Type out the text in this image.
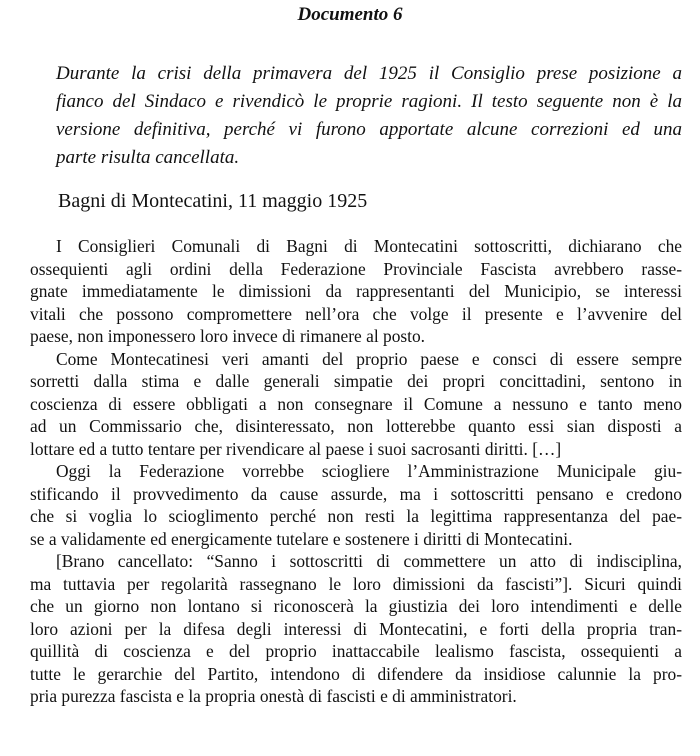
Documento 6
Durante la crisi della primavera del 1925 il Consiglio prese posizione a
fianco del Sindaco e rivendicò le proprie ragioni. Il testo seguente non è la
versione definitiva, perché vi furono apportate alcune correzioni ed una
parte risulta cancellata.
Bagni di Montecatini, 11 maggio 1925
I Consiglieri Comunali di Bagni di Montecatini sottoscritti, dichiarano che
ossequienti agli ordini della Federazione Provinciale Fascista avrebbero rasse-
gnate immediatamente le dimissioni da rappresentanti del Municipio, se interessi
vitali che possono compromettere nell’ora che volge il presente e l’avvenire del
paese, non imponessero loro invece di rimanere al posto.
Come Montecatinesi veri amanti del proprio paese e consci di essere sempre
sorretti dalla stima e dalle generali simpatie dei propri concittadini, sentono in
coscienza di essere obbligati a non consegnare il Comune a nessuno e tanto meno
ad un Commissario che, disinteressato, non lotterebbe quanto essi sian disposti a
lottare ed a tutto tentare per rivendicare al paese i suoi sacrosanti diritti. […]
Oggi la Federazione vorrebbe sciogliere l’Amministrazione Municipale giu-
stificando il provvedimento da cause assurde, ma i sottoscritti pensano e credono
che si voglia lo scioglimento perché non resti la legittima rappresentanza del pae-
se a validamente ed energicamente tutelare e sostenere i diritti di Montecatini.
[Brano cancellato: “Sanno i sottoscritti di commettere un atto di indisciplina,
ma tuttavia per regolarità rassegnano le loro dimissioni da fascisti”]. Sicuri quindi
che un giorno non lontano si riconoscerà la giustizia dei loro intendimenti e delle
loro azioni per la difesa degli interessi di Montecatini, e forti della propria tran-
quillità di coscienza e del proprio inattaccabile lealismo fascista, ossequienti a
tutte le gerarchie del Partito, intendono di difendere da insidiose calunnie la pro-
pria purezza fascista e la propria onestà di fascisti e di amministratori.
